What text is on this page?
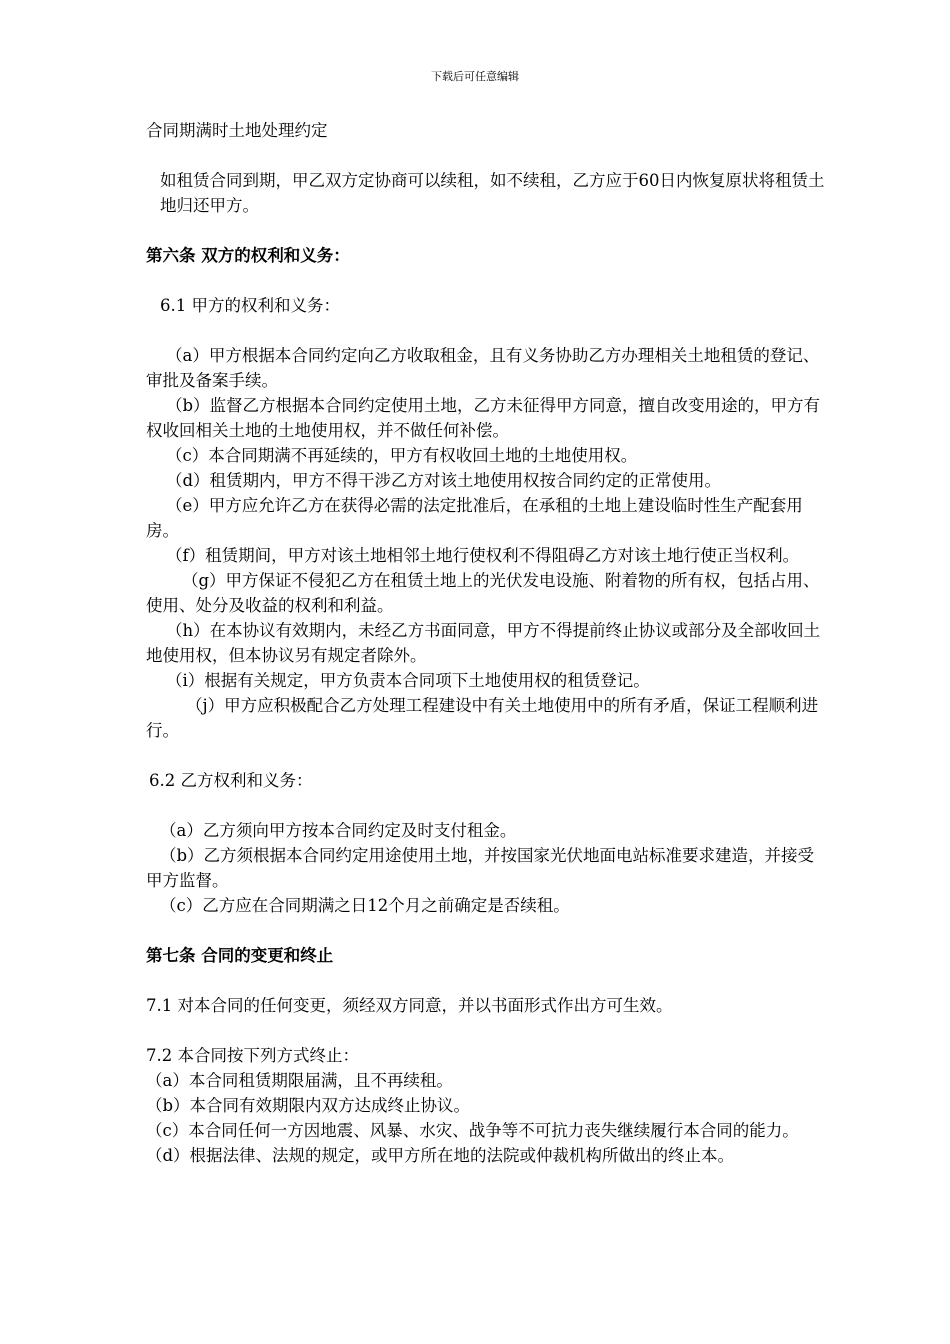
下载后可任意编辑

合同期满时土地处理约定

如租赁合同到期，甲乙双方定协商可以续租，如不续租，乙方应于60日内恢复原状将租赁土地归还甲方。

第六条 双方的权利和义务：

6.1 甲方的权利和义务：

（a）甲方根据本合同约定向乙方收取租金，且有义务协助乙方办理相关土地租赁的登记、审批及备案手续。

（b）监督乙方根据本合同约定使用土地，乙方未征得甲方同意，擅自改变用途的，甲方有权收回相关土地的土地使用权，并不做任何补偿。

（c）本合同期满不再延续的，甲方有权收回土地的土地使用权。

（d）租赁期内，甲方不得干涉乙方对该土地使用权按合同约定的正常使用。

（e）甲方应允许乙方在获得必需的法定批准后，在承租的土地上建设临时性生产配套用房。

（f）租赁期间，甲方对该土地相邻土地行使权利不得阻碍乙方对该土地行使正当权利。

（g）甲方保证不侵犯乙方在租赁土地上的光伏发电设施、附着物的所有权，包括占用、使用、处分及收益的权利和利益。

（h）在本协议有效期内，未经乙方书面同意，甲方不得提前终止协议或部分及全部收回土地使用权，但本协议另有规定者除外。

（i）根据有关规定，甲方负责本合同项下土地使用权的租赁登记。

（j）甲方应积极配合乙方处理工程建设中有关土地使用中的所有矛盾，保证工程顺利进行。

6.2 乙方权利和义务：

（a）乙方须向甲方按本合同约定及时支付租金。

（b）乙方须根据本合同约定用途使用土地，并按国家光伏地面电站标准要求建造，并接受甲方监督。

（c）乙方应在合同期满之日12个月之前确定是否续租。

第七条 合同的变更和终止

7.1 对本合同的任何变更，须经双方同意，并以书面形式作出方可生效。

7.2 本合同按下列方式终止：

（a）本合同租赁期限届满，且不再续租。

（b）本合同有效期限内双方达成终止协议。

（c）本合同任何一方因地震、风暴、水灾、战争等不可抗力丧失继续履行本合同的能力。

（d）根据法律、法规的规定，或甲方所在地的法院或仲裁机构所做出的终止本。
